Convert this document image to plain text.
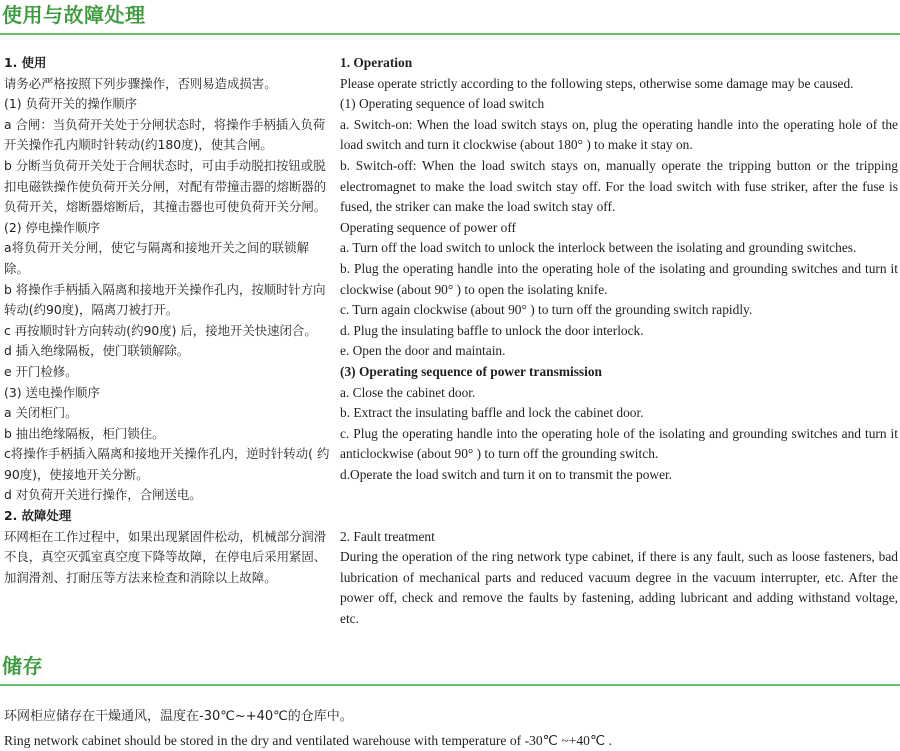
使用与故障处理

1. 使用

请务必严格按照下列步骤操作，否则易造成损害。

(1) 负荷开关的操作顺序

a 合闸：当负荷开关处于分闸状态时，将操作手柄插入负荷开关操作孔内顺时针转动(约180度)，使其合闸。

b 分断当负荷开关处于合闸状态时，可由手动脱扣按钮或脱扣电磁铁操作使负荷开关分闸，对配有带撞击器的熔断器的负荷开关，熔断器熔断后，其撞击器也可使负荷开关分闸。

(2) 停电操作顺序

a将负荷开关分闸，使它与隔离和接地开关之间的联锁解除。

b 将操作手柄插入隔离和接地开关操作孔内，按顺时针方向转动(约90度)，隔离刀被打开。

c 再按顺时针方向转动(约90度) 后，接地开关快速闭合。

d 插入绝缘隔板，使门联锁解除。

e 开门检修。

(3) 送电操作顺序

a 关闭柜门。

b 抽出绝缘隔板，柜门锁住。

c将操作手柄插入隔离和接地开关操作孔内，逆时针转动( 约90度)，使接地开关分断。

d 对负荷开关进行操作，合闸送电。

2. 故障处理

环网柜在工作过程中，如果出现紧固件松动，机械部分润滑不良，真空灭弧室真空度下降等故障，在停电后采用紧固、加润滑剂、打耐压等方法来检查和消除以上故障。

1. Operation

Please operate strictly according to the following steps, otherwise some damage may be caused.

(1) Operating sequence of load switch

a. Switch-on: When the load switch stays on, plug the operating handle into the operating hole of the load switch and turn it clockwise (about 180° ) to make it stay on.

b. Switch-off: When the load switch stays on, manually operate the tripping button or the tripping electromagnet to make the load switch stay off. For the load switch with fuse striker, after the fuse is fused, the striker can make the load switch stay off.

Operating sequence of power off

a. Turn off the load switch to unlock the interlock between the isolating and grounding switches.

b. Plug the operating handle into the operating hole of the isolating and grounding switches and turn it clockwise (about 90° ) to open the isolating knife.

c. Turn again clockwise (about 90° ) to turn off the grounding switch rapidly.

d. Plug the insulating baffle to unlock the door interlock.

e. Open the door and maintain.

(3) Operating sequence of power transmission

a. Close the cabinet door.

b. Extract the insulating baffle and lock the cabinet door.

c. Plug the operating handle into the operating hole of the isolating and grounding switches and turn it anticlockwise (about 90° ) to turn off the grounding switch.

d.Operate the load switch and turn it on to transmit the power.

2. Fault treatment

During the operation of the ring network type cabinet, if there is any fault, such as loose fasteners, bad lubrication of mechanical parts and reduced vacuum degree in the vacuum interrupter, etc. After the power off, check and remove the faults by fastening, adding lubricant and adding withstand voltage, etc.

储存

环网柜应储存在干燥通风，温度在-30℃~+40℃的仓库中。

Ring network cabinet should be stored in the dry and ventilated warehouse with temperature of -30℃ ~+40℃ .
